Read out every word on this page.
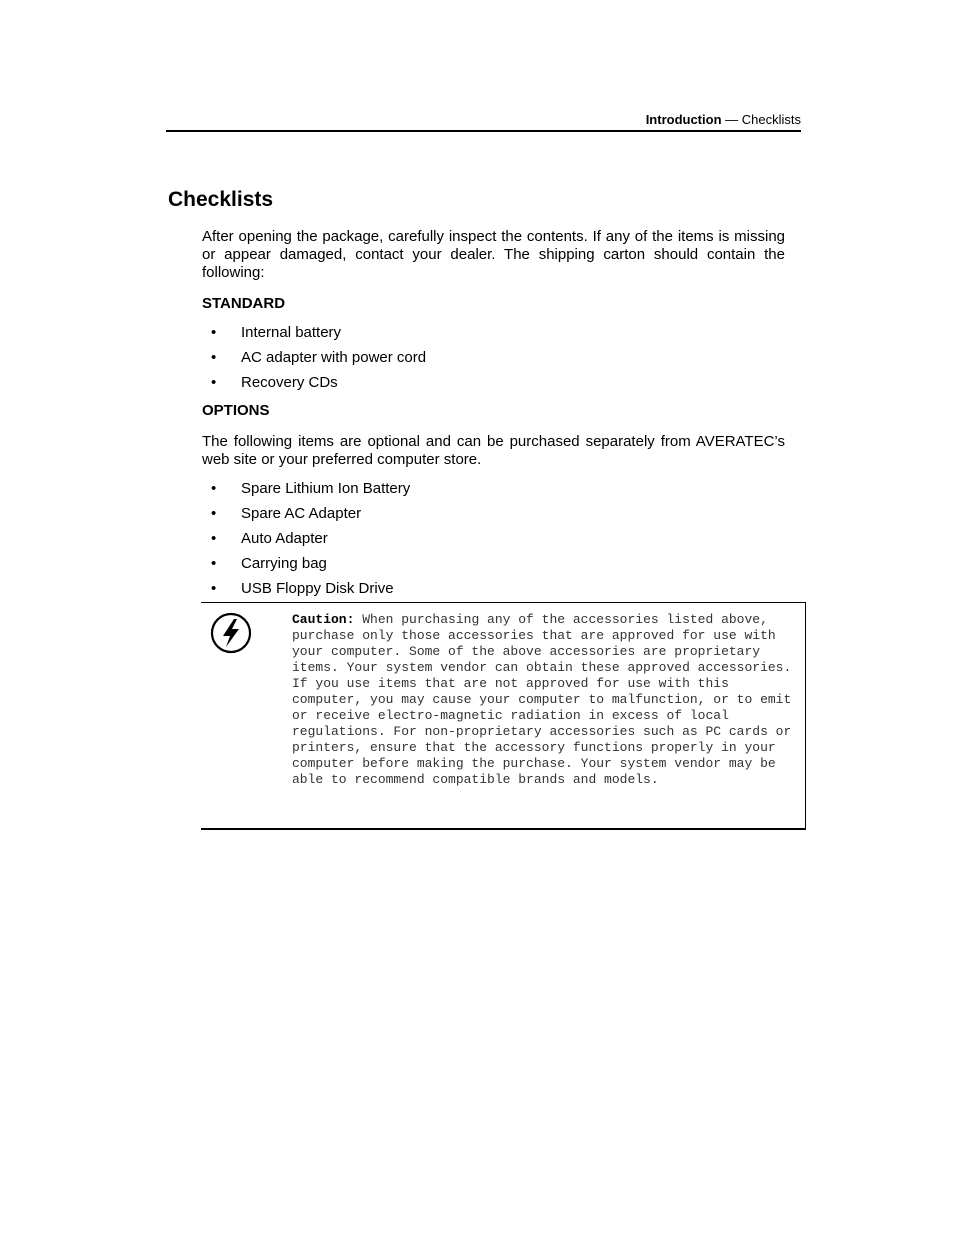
Introduction — Checklists
Checklists

After opening the package, carefully inspect the contents. If any of the items is missing or appear damaged, contact your dealer. The shipping carton should contain the following:

STANDARD
• Internal battery
• AC adapter with power cord
• Recovery CDs
OPTIONS

The following items are optional and can be purchased separately from AVERATEC’s web site or your preferred computer store.

• Spare Lithium Ion Battery
• Spare AC Adapter
• Auto Adapter
• Carrying bag
• USB Floppy Disk Drive
Caution: When purchasing any of the accessories listed above, purchase only those accessories that are approved for use with your computer. Some of the above accessories are proprietary items. Your system vendor can obtain these approved accessories. If you use items that are not approved for use with this computer, you may cause your computer to malfunction, or to emit or receive electro-magnetic radiation in excess of local regulations. For non-proprietary accessories such as PC cards or printers, ensure that the accessory functions properly in your computer before making the purchase. Your system vendor may be able to recommend compatible brands and models.
